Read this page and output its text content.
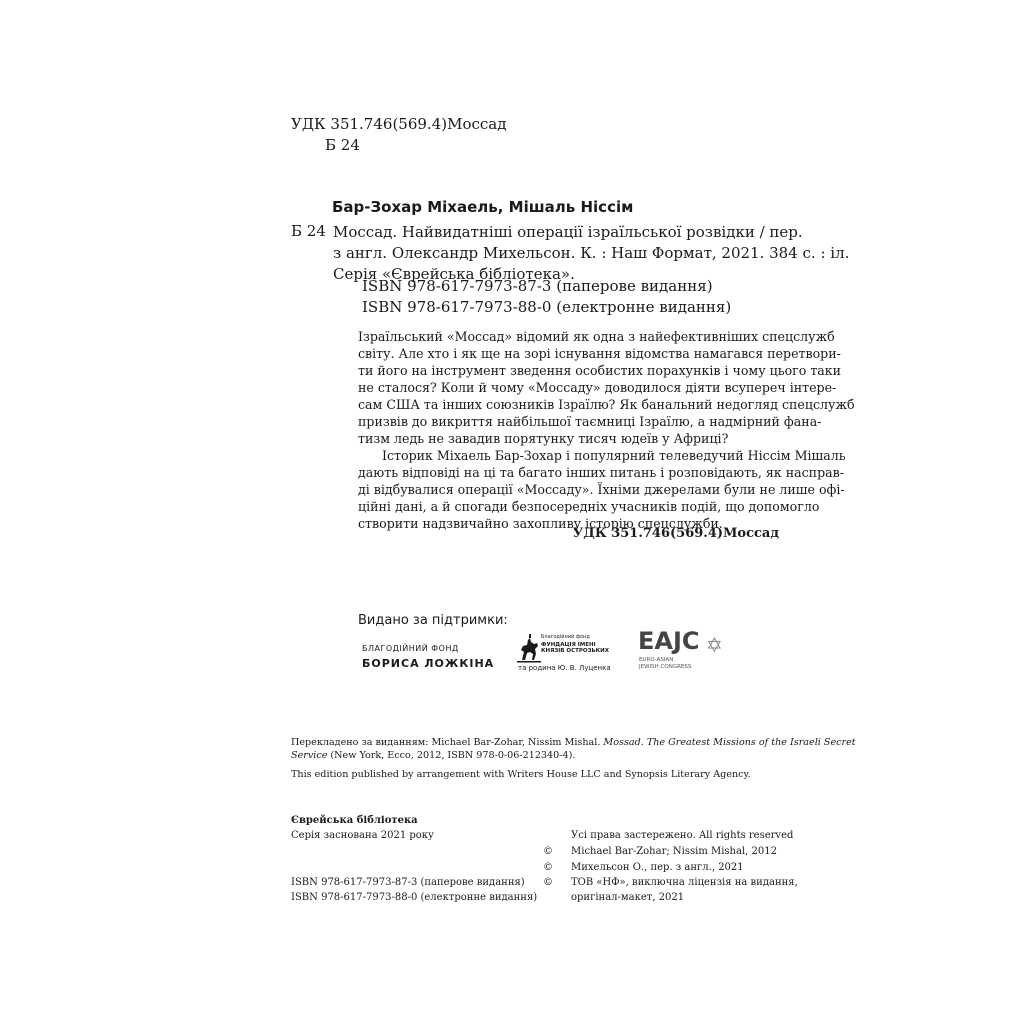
УДК 351.746(569.4)Моссад
Б 24
Бар-Зохар Міхаель, Мішаль Ніссім
Б 24 Моссад. Найвидатніші операції ізраїльської розвідки / пер.
з англ. Олександр Михельсон. К. : Наш Формат, 2021. 384 с. : іл.
Серія «Єврейська бібліотека».
ISBN 978-617-7973-87-3 (паперове видання)
ISBN 978-617-7973-88-0 (електронне видання)
Ізраїльський «Моссад» відомий як одна з найефективніших спецслужб
світу. Але хто і як ще на зорі існування відомства намагався перетвори-
ти його на інструмент зведення особистих порахунків і чому цього таки
не сталося? Коли й чому «Моссаду» доводилося діяти всупереч інтере-
сам США та інших союзників Ізраїлю? Як банальний недогляд спецслужб
призвів до викриття найбільшої таємниці Ізраїлю, а надмірний фана-
тизм ледь не завадив порятунку тисяч юдеїв у Африці?
Історик Міхаель Бар-Зохар і популярний телеведучий Ніссім Мішаль
дають відповіді на ці та багато інших питань і розповідають, як насправ-
ді відбувалися операції «Моссаду». Їхніми джерелами були не лише офі-
ційні дані, а й спогади безпосередніх учасників подій, що допомогло
створити надзвичайно захопливу історію спецслужби.
УДК 351.746(569.4)Моссад
Видано за підтримки:
БЛАГОДІЙНИЙ ФОНД
БОРИСА ЛОЖКІНА
Благодійний фонд
ФУНДАЦІЯ ІМЕНІ
КНЯЗІВ ОСТРОЗЬКИХ
та родина Ю. В. Луценка
EAJC ✡
EURO-ASIAN
JEWISH CONGRESS
Перекладено за виданням: Michael Bar-Zohar, Nissim Mishal. Mossad. The Greatest Missions of the Israeli Secret
Service (New York, Ecco, 2012, ISBN 978-0-06-212340-4).
This edition published by arrangement with Writers House LLC and Synopsis Literary Agency.
Єврейська бібліотека
Серія заснована 2021 року
ISBN 978-617-7973-87-3 (паперове видання)
ISBN 978-617-7973-88-0 (електронне видання)
Усі права застережено. All rights reserved
© Michael Bar-Zohar; Nissim Mishal, 2012
© Михельсон О., пер. з англ., 2021
© ТОВ «НФ», виключна ліцензія на видання,
оригінал-макет, 2021
